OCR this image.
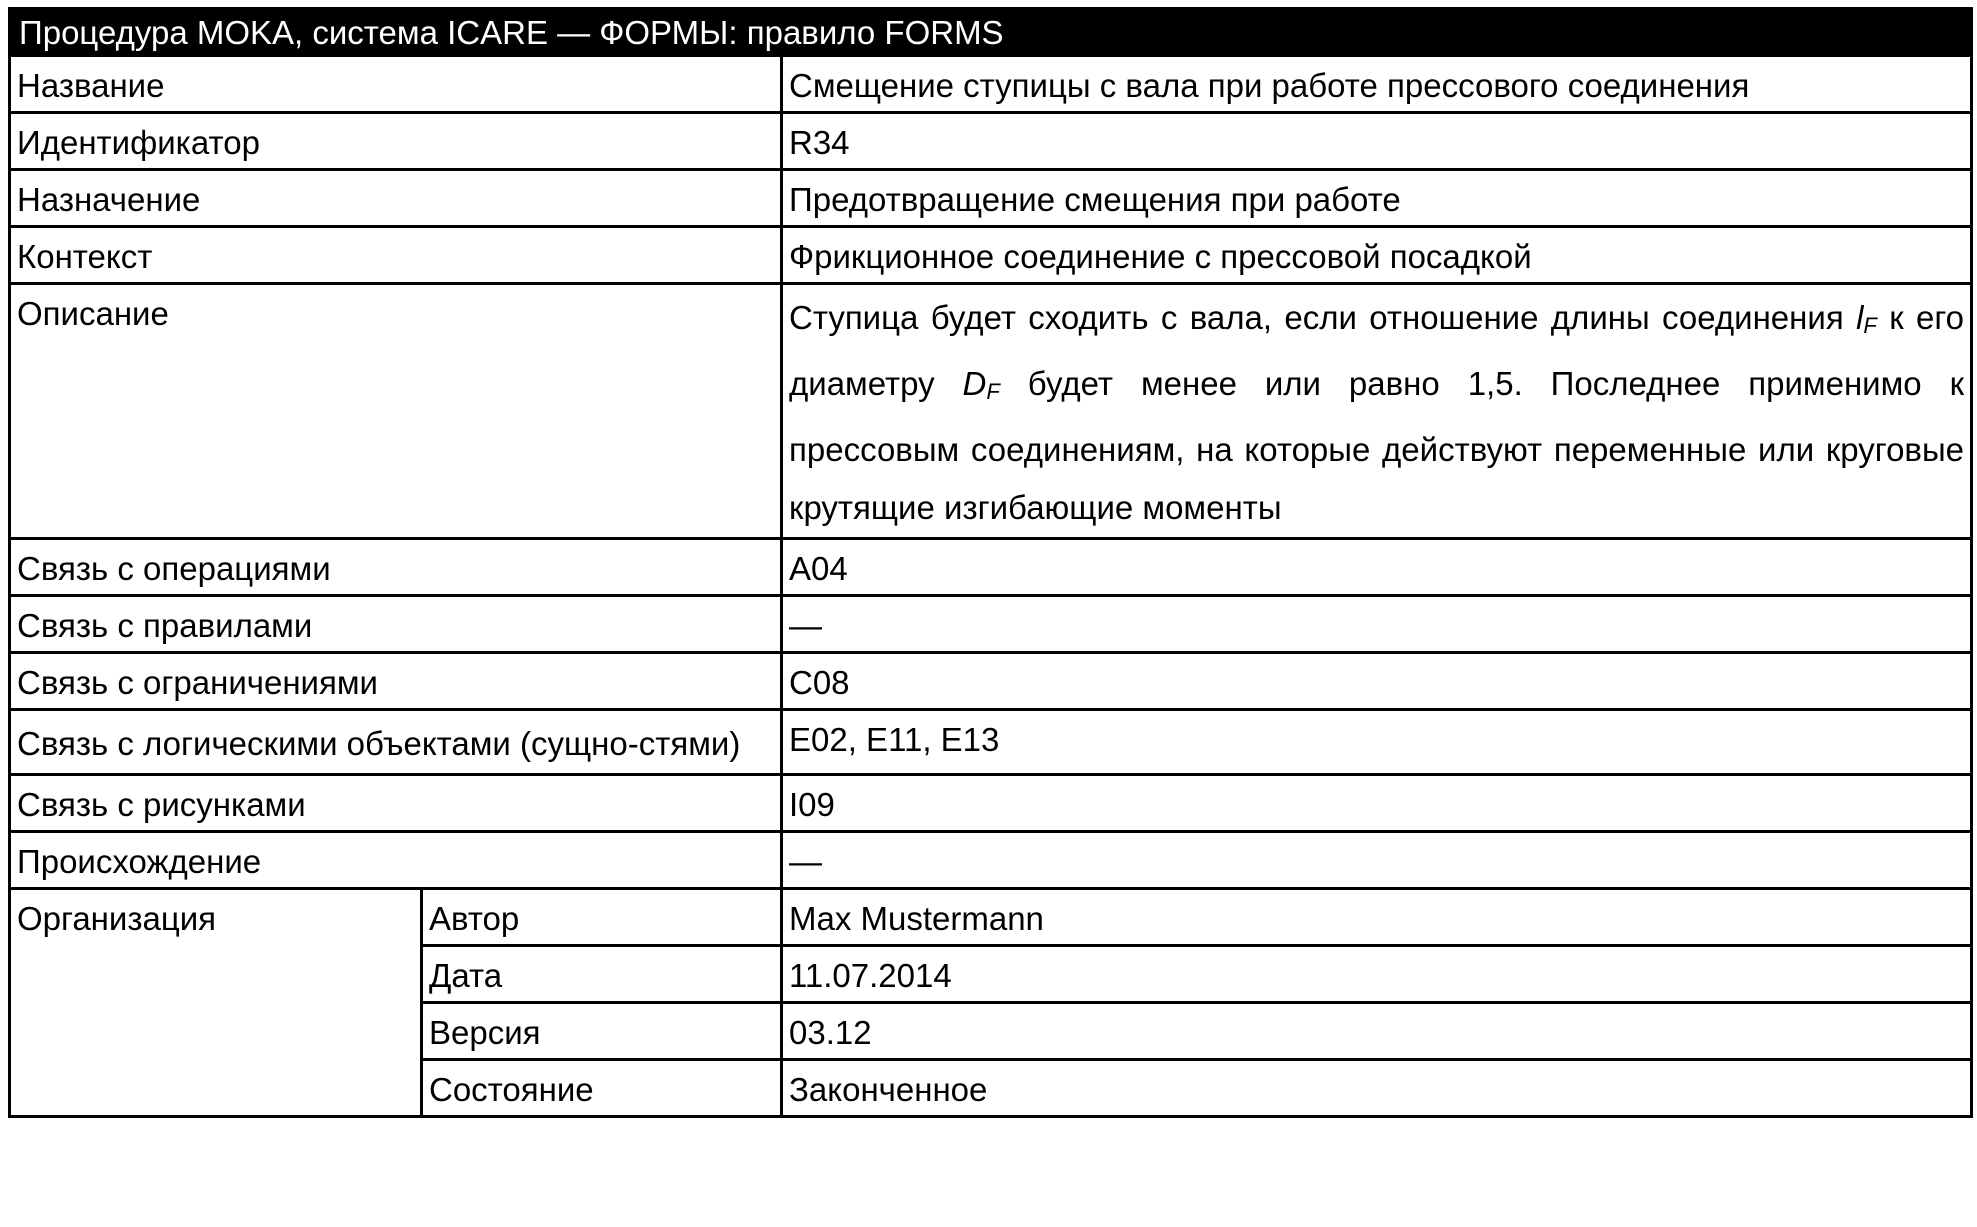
Процедура MOKA, система ICARE — ФОРМЫ: правило FORMS		
Название		Смещение ступицы с вала при работе прессового соединения
Идентификатор		R34
Назначение		Предотвращение смещения при работе
Контекст		Фрикционное соединение с прессовой посадкой
Описание		Ступица будет сходить с вала, если отношение длины соединения $l_F$ к его диаметру $D_F$ будет менее или равно 1,5. Последнее применимо к прессовым соединениям, на которые действуют переменные или круговые крутящие изгибающие моменты
Связь с операциями		A04
Связь с правилами		—
Связь с ограничениями		C08
Связь с логическими объектами (сущно-стями)		E02, E11, E13
Связь с рисунками		I09
Происхождение		—
Организация	Автор	Max Mustermann
	Дата	11.07.2014
	Версия	03.12
	Состояние	Законченное
